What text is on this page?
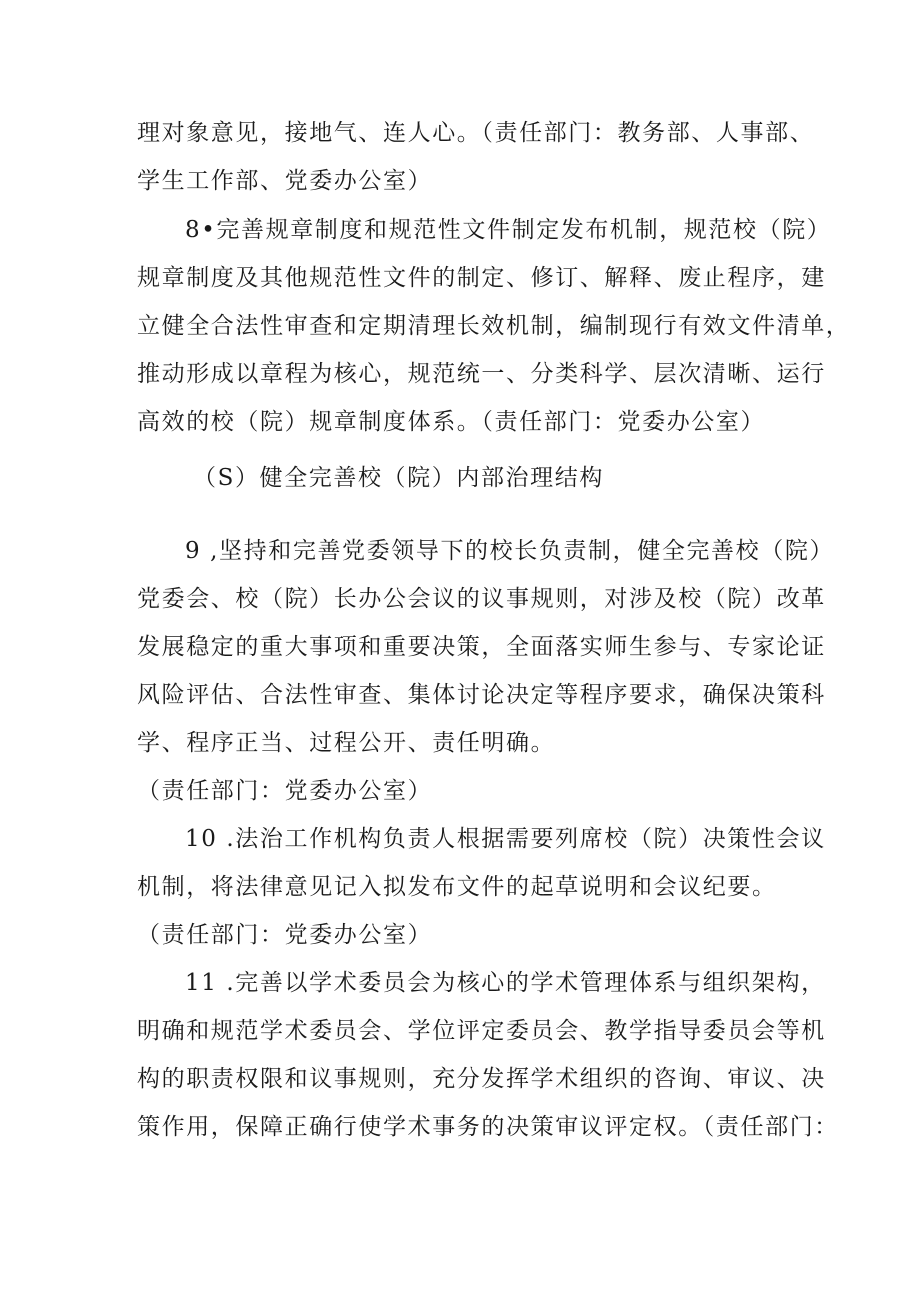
理对象意见，接地气、连人心。（责任部门：教务部、人事部、

学生工作部、党委办公室）

8•完善规章制度和规范性文件制定发布机制，规范校（院）

规章制度及其他规范性文件的制定、修订、解释、废止程序，建

立健全合法性审查和定期清理长效机制，编制现行有效文件清单，

推动形成以章程为核心，规范统一、分类科学、层次清晰、运行

高效的校（院）规章制度体系。（责任部门：党委办公室）

（S）健全完善校（院）内部治理结构

9 ,坚持和完善党委领导下的校长负责制，健全完善校（院）

党委会、校（院）长办公会议的议事规则，对涉及校（院）改革

发展稳定的重大事项和重要决策，全面落实师生参与、专家论证

风险评估、合法性审查、集体讨论决定等程序要求，确保决策科

学、程序正当、过程公开、责任明确。

（责任部门：党委办公室）

10 .法治工作机构负责人根据需要列席校（院）决策性会议

机制，将法律意见记入拟发布文件的起草说明和会议纪要。

（责任部门：党委办公室）

11 .完善以学术委员会为核心的学术管理体系与组织架构，

明确和规范学术委员会、学位评定委员会、教学指导委员会等机

构的职责权限和议事规则，充分发挥学术组织的咨询、审议、决

策作用，保障正确行使学术事务的决策审议评定权。（责任部门：
